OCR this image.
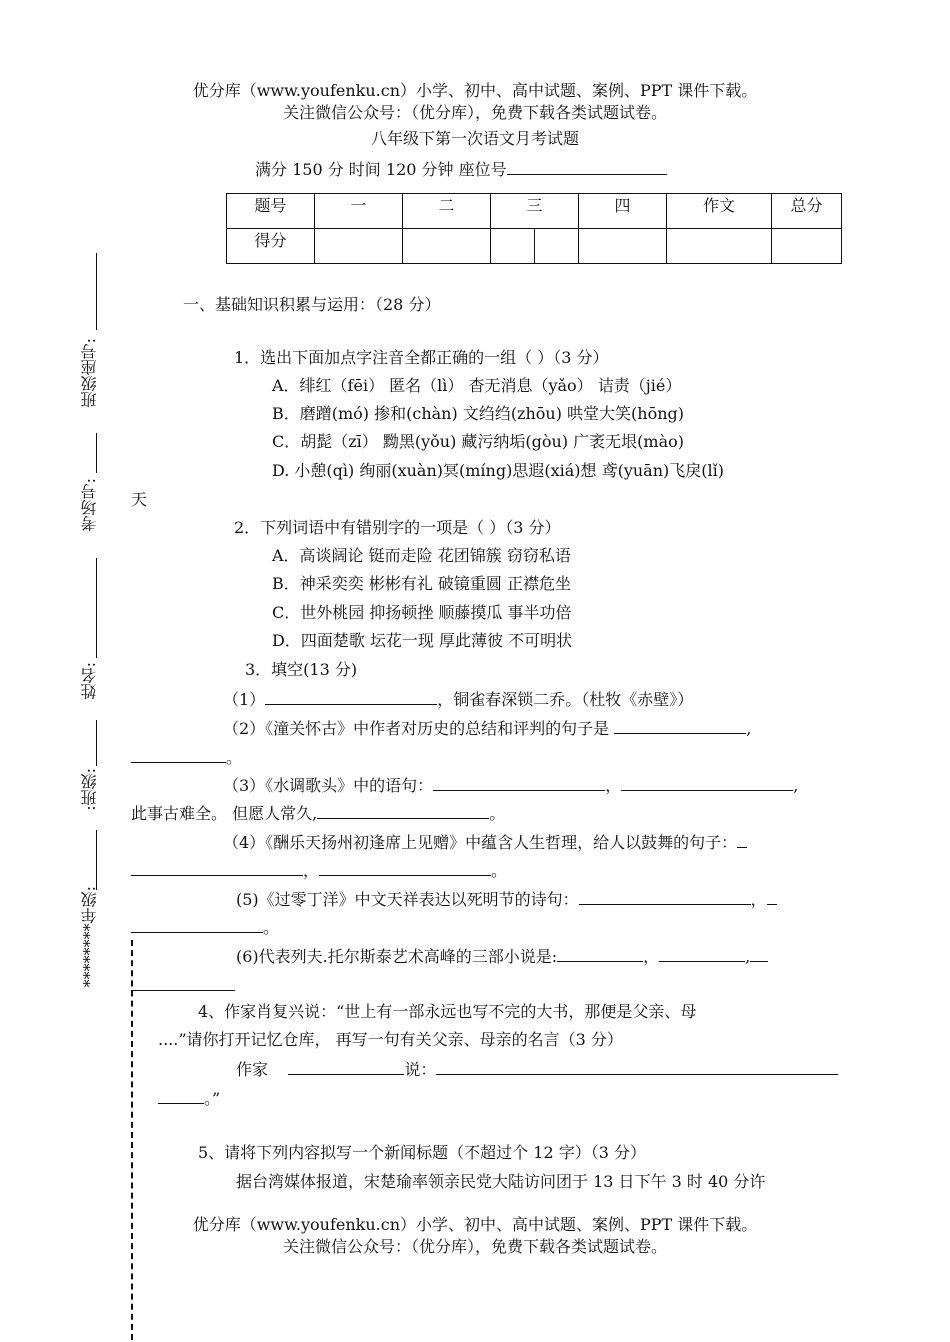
优分库（www.youfenku.cn）小学、初中、高中试题、案例、PPT 课件下载。
关注微信公众号：（优分库），免费下载各类试题试卷。
八年级下第一次语文月考试题
满分 150 分 时间 120 分钟 座位号
题号	一	二	三		四	作文	总分
得分							
班级座号:
考场号:
姓名:
:班级:
********年级:
一、基础知识积累与运用：（28 分）
1．选出下面加点字注音全都正确的一组（ ）（3 分）
A．绯红（fēi） 匿名（lì） 杳无消息（yǎo） 诘责（jié）
B．磨蹭(mó) 掺和(chàn) 文绉绉(zhōu) 哄堂大笑(hōng)
C．胡髭（zī） 黝黑(yǒu) 藏污纳垢(gòu) 广袤无垠(mào)
D. 小憩(qì) 绚丽(xuàn)冥(míng)思遐(xiá)想 鸢(yuān)飞戾(lǐ)
天
2．下列词语中有错别字的一项是（ ）（3 分）
A．高谈阔论 铤而走险 花团锦簇 窃窃私语
B．神采奕奕 彬彬有礼 破镜重圆 正襟危坐
C．世外桃园 抑扬顿挫 顺藤摸瓜 事半功倍
D．四面楚歌 坛花一现 厚此薄彼 不可明状
3．填空(13 分)
（1）	，铜雀春深锁二乔。（杜牧《赤壁》）
（2）《潼关怀古》中作者对历史的总结和评判的句子是	,
。
（3）《水调歌头》中的语句：	，	,
此事古难全。 但愿人常久,	。
（4）《酬乐天扬州初逢席上见赠》中蕴含人生哲理，给人以鼓舞的句子：
，	。
(5)《过零丁洋》中文天祥表达以死明节的诗句：	，
。
(6)代表列夫.托尔斯泰艺术高峰的三部小说是:	，	,
4、作家肖复兴说：“世上有一部永远也写不完的大书，那便是父亲、母
....”请你打开记忆仓库， 再写一句有关父亲、母亲的名言（3 分）
作家	说：
。”
5、请将下列内容拟写一个新闻标题（不超过个 12 字）（3 分）
据台湾媒体报道，宋楚瑜率领亲民党大陆访问团于 13 日下午 3 时 40 分许
优分库（www.youfenku.cn）小学、初中、高中试题、案例、PPT 课件下载。
关注微信公众号：（优分库），免费下载各类试题试卷。
